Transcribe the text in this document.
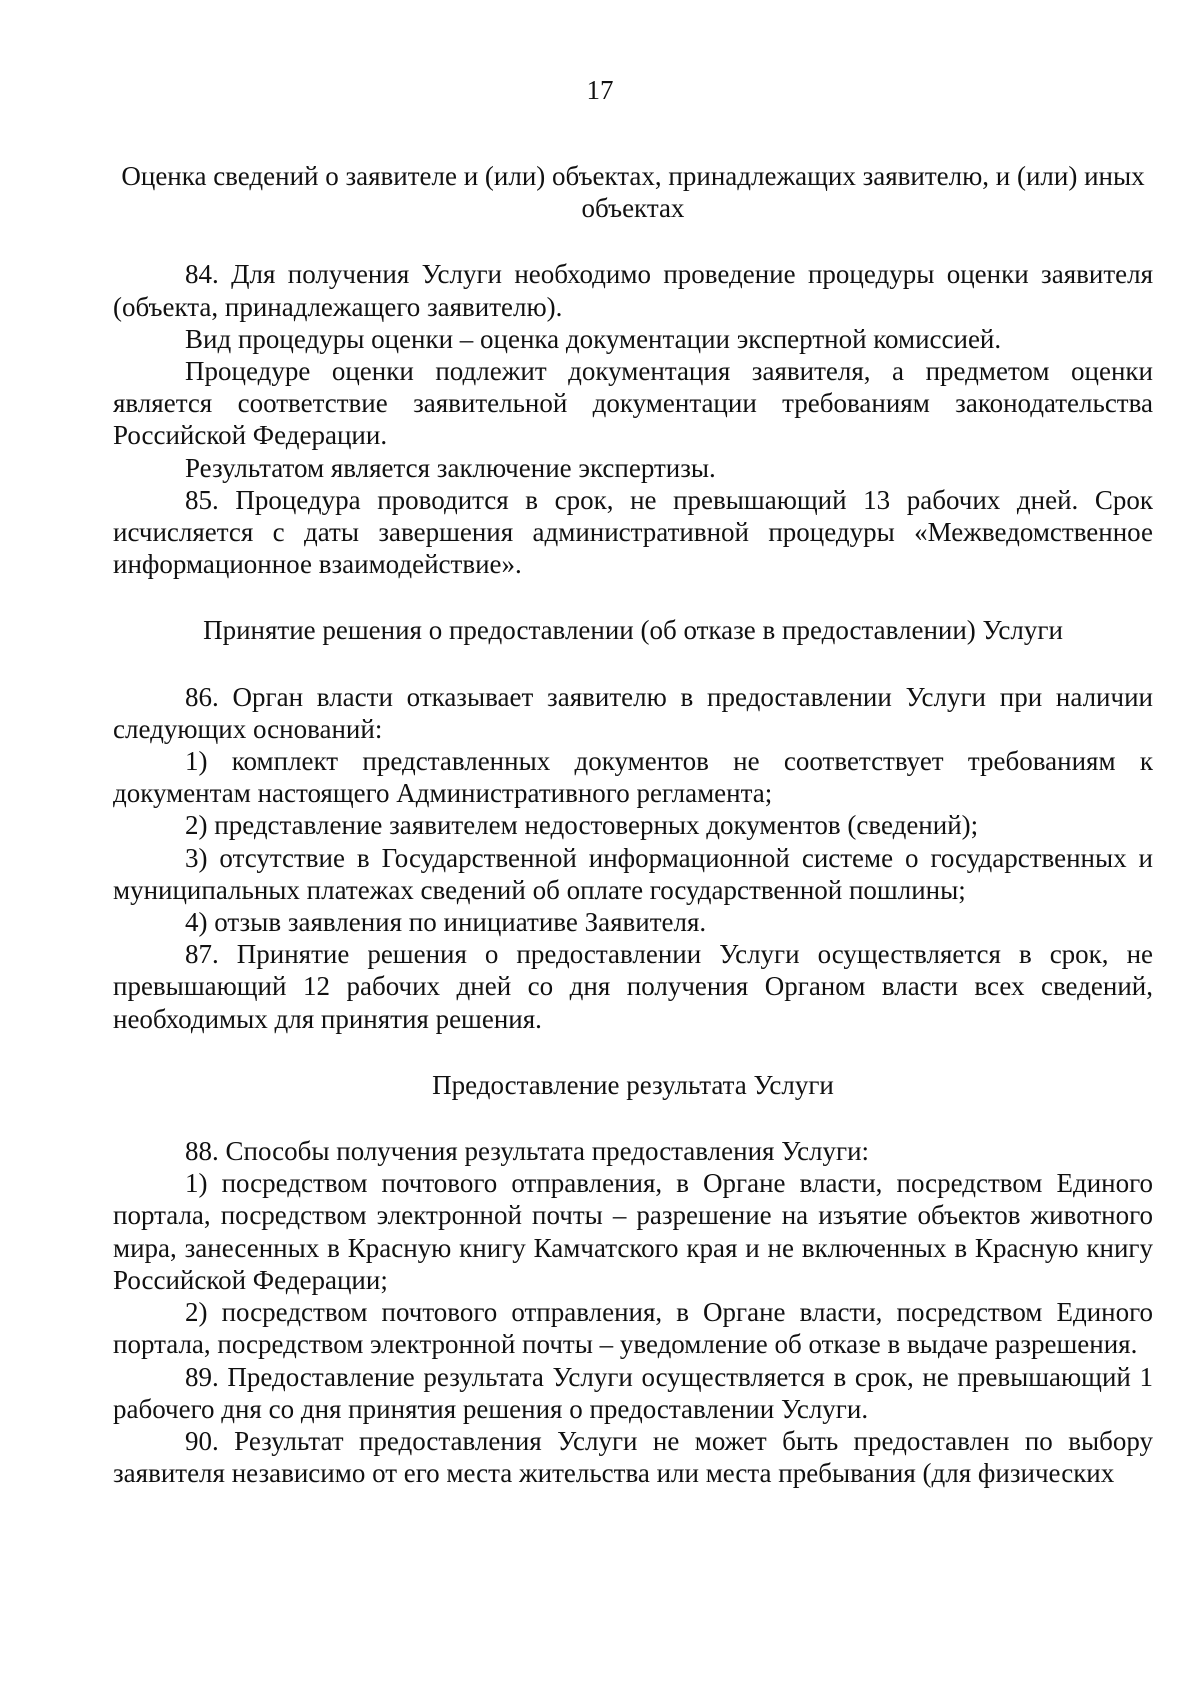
17

Оценка сведений о заявителе и (или) объектах, принадлежащих заявителю, и (или) иных объектах

84. Для получения Услуги необходимо проведение процедуры оценки заявителя (объекта, принадлежащего заявителю).

Вид процедуры оценки – оценка документации экспертной комиссией.

Процедуре оценки подлежит документация заявителя, а предметом оценки является соответствие заявительной документации требованиям законодательства Российской Федерации.

Результатом является заключение экспертизы.

85. Процедура проводится в срок, не превышающий 13 рабочих дней. Срок исчисляется с даты завершения административной процедуры «Межведомственное информационное взаимодействие».

Принятие решения о предоставлении (об отказе в предоставлении) Услуги

86. Орган власти отказывает заявителю в предоставлении Услуги при наличии следующих оснований:

1) комплект представленных документов не соответствует требованиям к документам настоящего Административного регламента;

2) представление заявителем недостоверных документов (сведений);

3) отсутствие в Государственной информационной системе о государственных и муниципальных платежах сведений об оплате государственной пошлины;

4) отзыв заявления по инициативе Заявителя.

87. Принятие решения о предоставлении Услуги осуществляется в срок, не превышающий 12 рабочих дней со дня получения Органом власти всех сведений, необходимых для принятия решения.

Предоставление результата Услуги

88. Способы получения результата предоставления Услуги:

1) посредством почтового отправления, в Органе власти, посредством Единого портала, посредством электронной почты – разрешение на изъятие объектов животного мира, занесенных в Красную книгу Камчатского края и не включенных в Красную книгу Российской Федерации;

2) посредством почтового отправления, в Органе власти, посредством Единого портала, посредством электронной почты – уведомление об отказе в выдаче разрешения.

89. Предоставление результата Услуги осуществляется в срок, не превышающий 1 рабочего дня со дня принятия решения о предоставлении Услуги.

90. Результат предоставления Услуги не может быть предоставлен по выбору заявителя независимо от его места жительства или места пребывания (для физических
